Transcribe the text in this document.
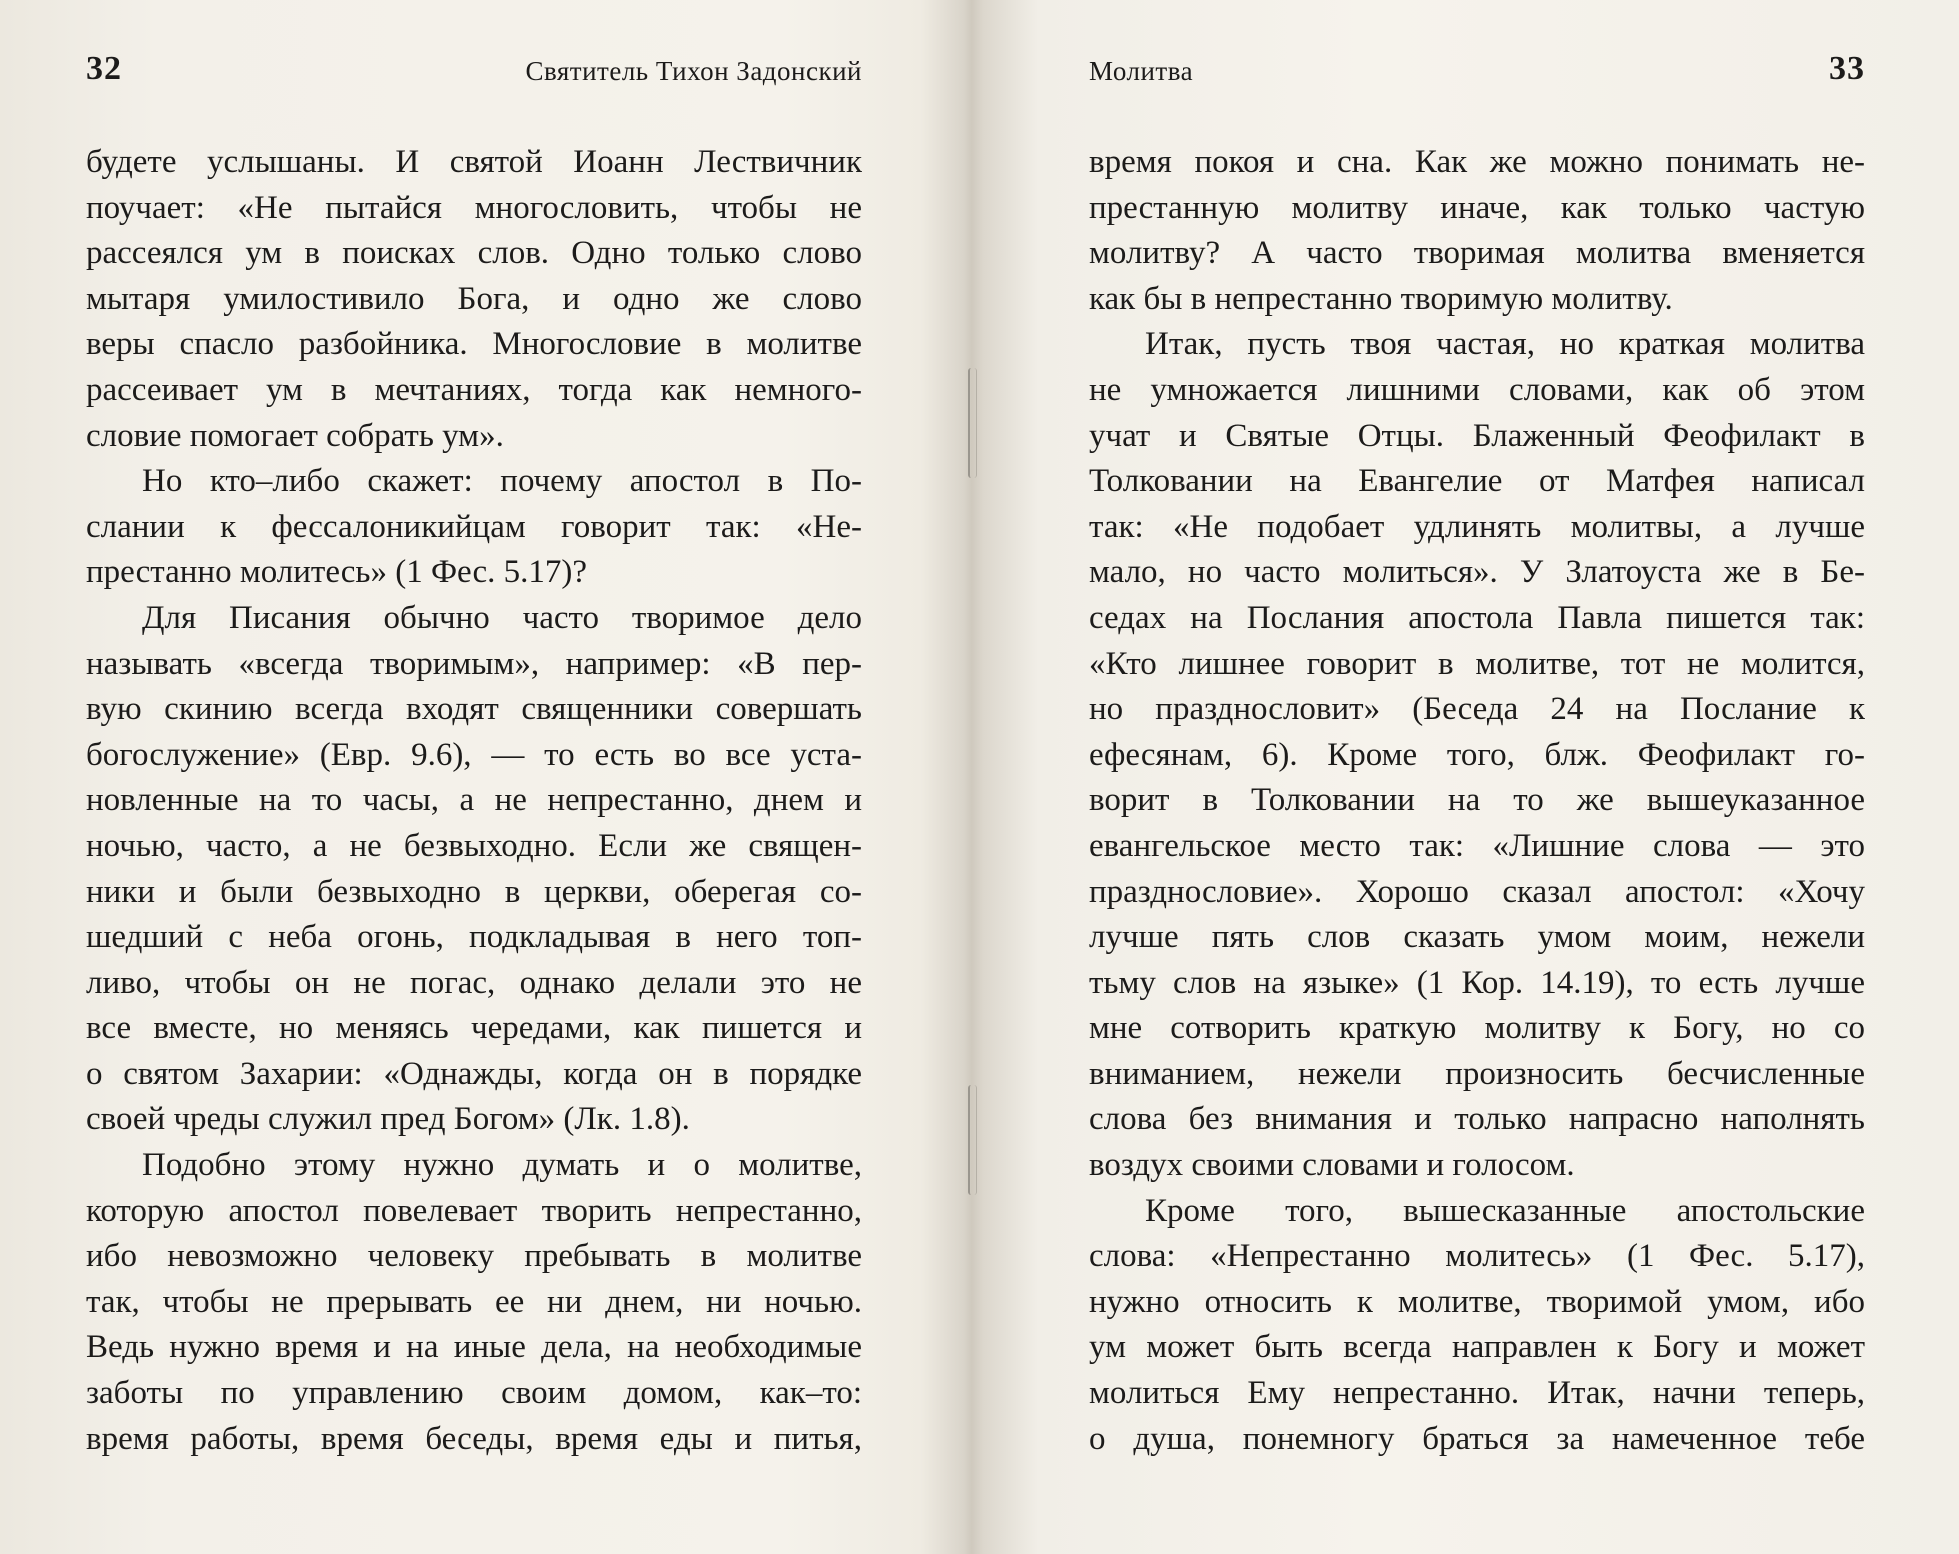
32	Святитель Тихон Задонский
будете услышаны. И святой Иоанн Лествичник
поучает: «Не пытайся многословить, чтобы не
рассеялся ум в поисках слов. Одно только слово
мытаря умилостивило Бога, и одно же слово
веры спасло разбойника. Многословие в молитве
рассеивает ум в мечтаниях, тогда как немного-
словие помогает собрать ум».
Но кто–либо скажет: почему апостол в По-
слании к фессалоникийцам говорит так: «Не-
престанно молитесь» (1 Фес. 5.17)?
Для Писания обычно часто творимое дело
называть «всегда творимым», например: «В пер-
вую скинию всегда входят священники совершать
богослужение» (Евр. 9.6), — то есть во все уста-
новленные на то часы, а не непрестанно, днем и
ночью, часто, а не безвыходно. Если же священ-
ники и были безвыходно в церкви, оберегая со-
шедший с неба огонь, подкладывая в него топ-
ливо, чтобы он не погас, однако делали это не
все вместе, но меняясь чередами, как пишется и
о святом Захарии: «Однажды, когда он в порядке
своей чреды служил пред Богом» (Лк. 1.8).
Подобно этому нужно думать и о молитве,
которую апостол повелевает творить непрестанно,
ибо невозможно человеку пребывать в молитве
так, чтобы не прерывать ее ни днем, ни ночью.
Ведь нужно время и на иные дела, на необходимые
заботы по управлению своим домом, как–то:
время работы, время беседы, время еды и питья,
Молитва	33
время покоя и сна. Как же можно понимать не-
престанную молитву иначе, как только частую
молитву? А часто творимая молитва вменяется
как бы в непрестанно творимую молитву.
Итак, пусть твоя частая, но краткая молитва
не умножается лишними словами, как об этом
учат и Святые Отцы. Блаженный Феофилакт в
Толковании на Евангелие от Матфея написал
так: «Не подобает удлинять молитвы, а лучше
мало, но часто молиться». У Златоуста же в Бе-
седах на Послания апостола Павла пишется так:
«Кто лишнее говорит в молитве, тот не молится,
но празднословит» (Беседа 24 на Послание к
ефесянам, 6). Кроме того, блж. Феофилакт го-
ворит в Толковании на то же вышеуказанное
евангельское место так: «Лишние слова — это
празднословие». Хорошо сказал апостол: «Хочу
лучше пять слов сказать умом моим, нежели
тьму слов на языке» (1 Кор. 14.19), то есть лучше
мне сотворить краткую молитву к Богу, но со
вниманием, нежели произносить бесчисленные
слова без внимания и только напрасно наполнять
воздух своими словами и голосом.
Кроме того, вышесказанные апостольские
слова: «Непрестанно молитесь» (1 Фес. 5.17),
нужно относить к молитве, творимой умом, ибо
ум может быть всегда направлен к Богу и может
молиться Ему непрестанно. Итак, начни теперь,
о душа, понемногу браться за намеченное тебе
